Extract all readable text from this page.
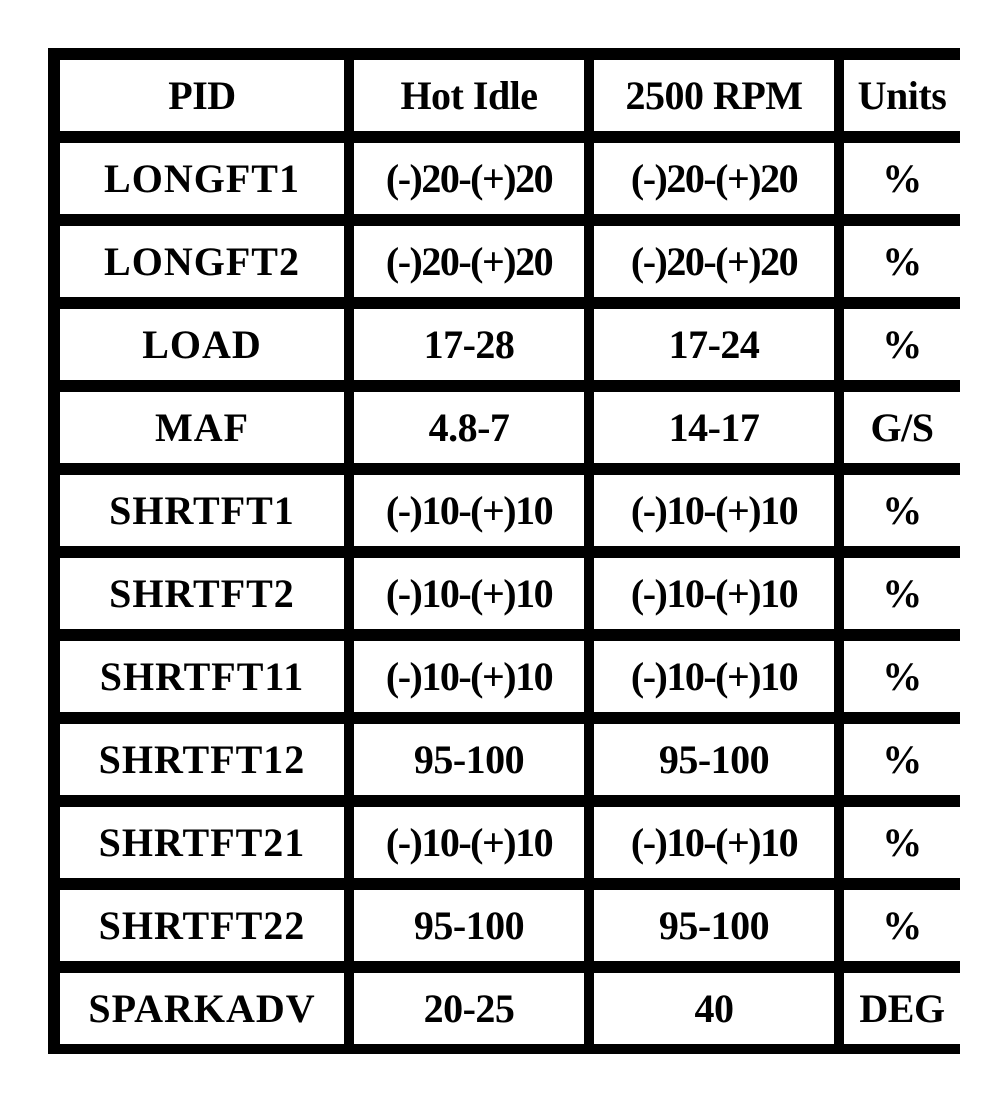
PID	Hot Idle	2500 RPM	Units
LONGFT1	(-)20-(+)20	(-)20-(+)20	%
LONGFT2	(-)20-(+)20	(-)20-(+)20	%
LOAD	17-28	17-24	%
MAF	4.8-7	14-17	G/S
SHRTFT1	(-)10-(+)10	(-)10-(+)10	%
SHRTFT2	(-)10-(+)10	(-)10-(+)10	%
SHRTFT11	(-)10-(+)10	(-)10-(+)10	%
SHRTFT12	95-100	95-100	%
SHRTFT21	(-)10-(+)10	(-)10-(+)10	%
SHRTFT22	95-100	95-100	%
SPARKADV	20-25	40	DEG
